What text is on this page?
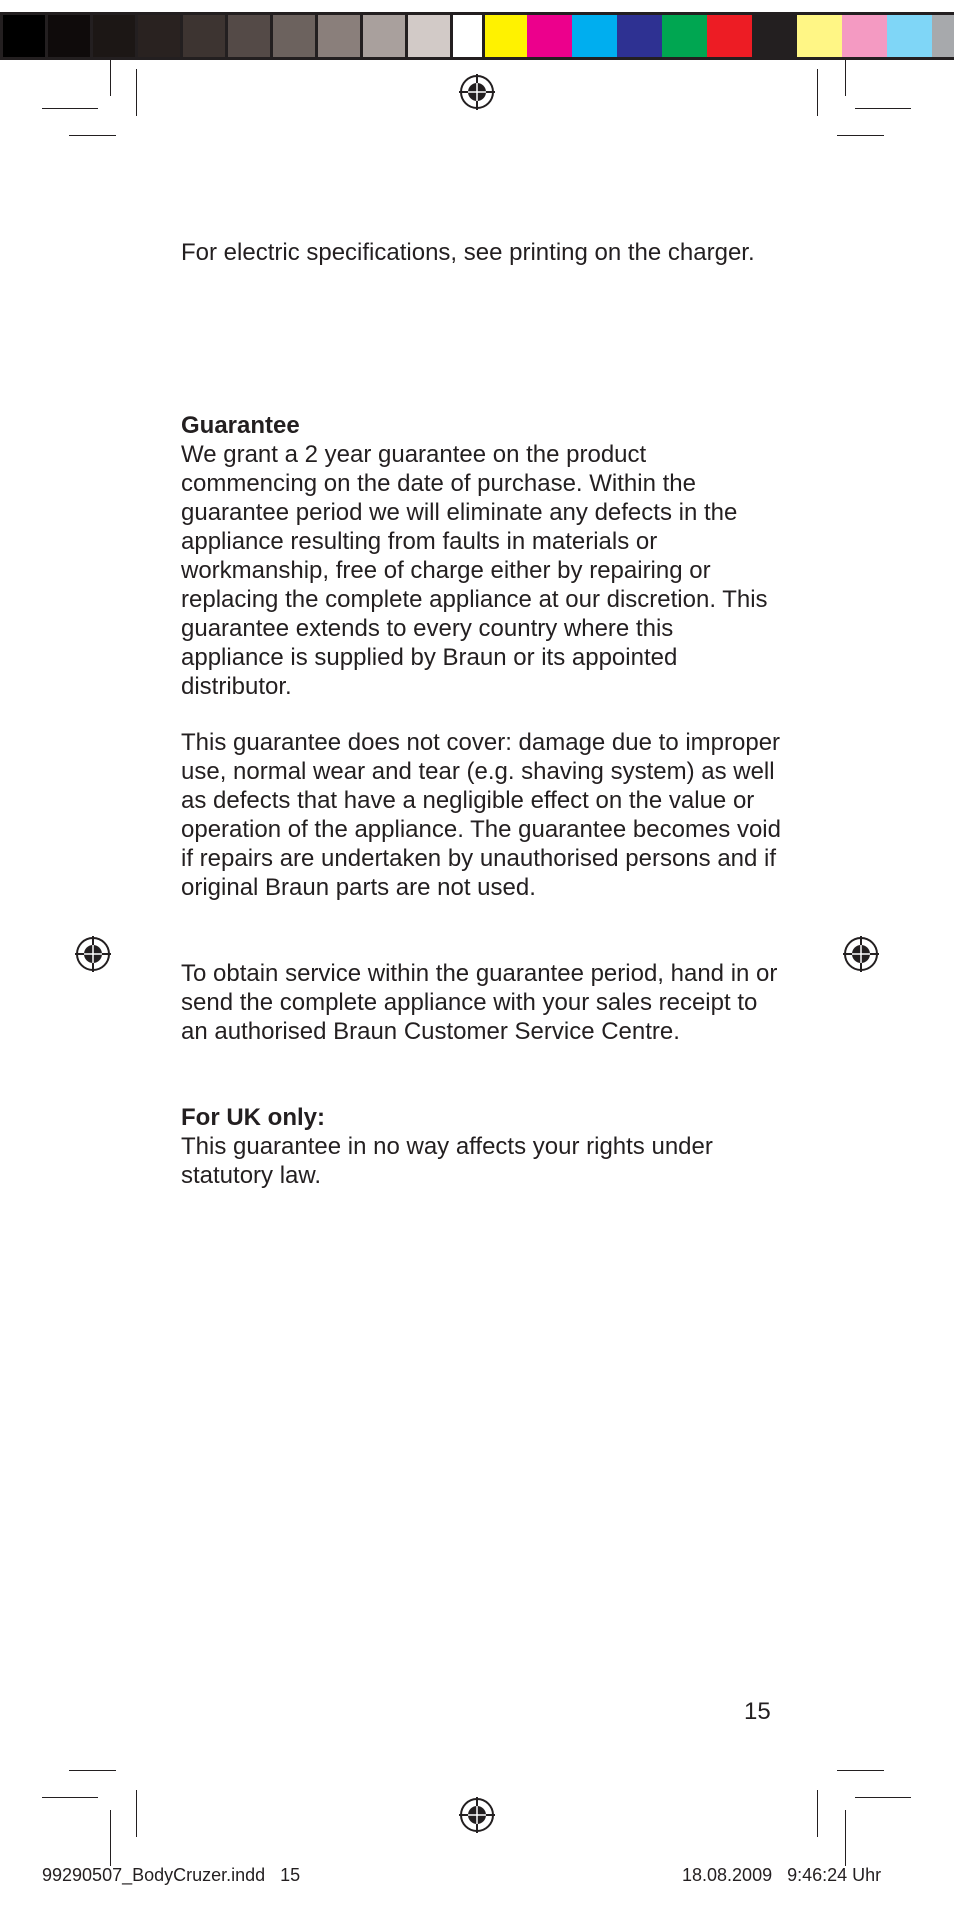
For electric specifications, see printing on the charger.
Guarantee
We grant a 2 year guarantee on the product commencing on the date of purchase. Within the guarantee period we will eliminate any defects in the appliance resulting from faults in materials or workmanship, free of charge either by repairing or replacing the complete appliance at our discretion. This guarantee extends to every country where this appliance is supplied by Braun or its appointed distributor.
This guarantee does not cover: damage due to improper use, normal wear and tear (e.g. shaving system) as well as defects that have a negligible effect on the value or operation of the appliance. The guarantee becomes void if repairs are undertaken by unauthorised persons and if original Braun parts are not used.
To obtain service within the guarantee period, hand in or send the complete appliance with your sales receipt to an authorised Braun Customer Service Centre.
For UK only:
This guarantee in no way affects your rights under statutory law.
15
99290507_BodyCruzer.indd   15	18.08.2009   9:46:24 Uhr
